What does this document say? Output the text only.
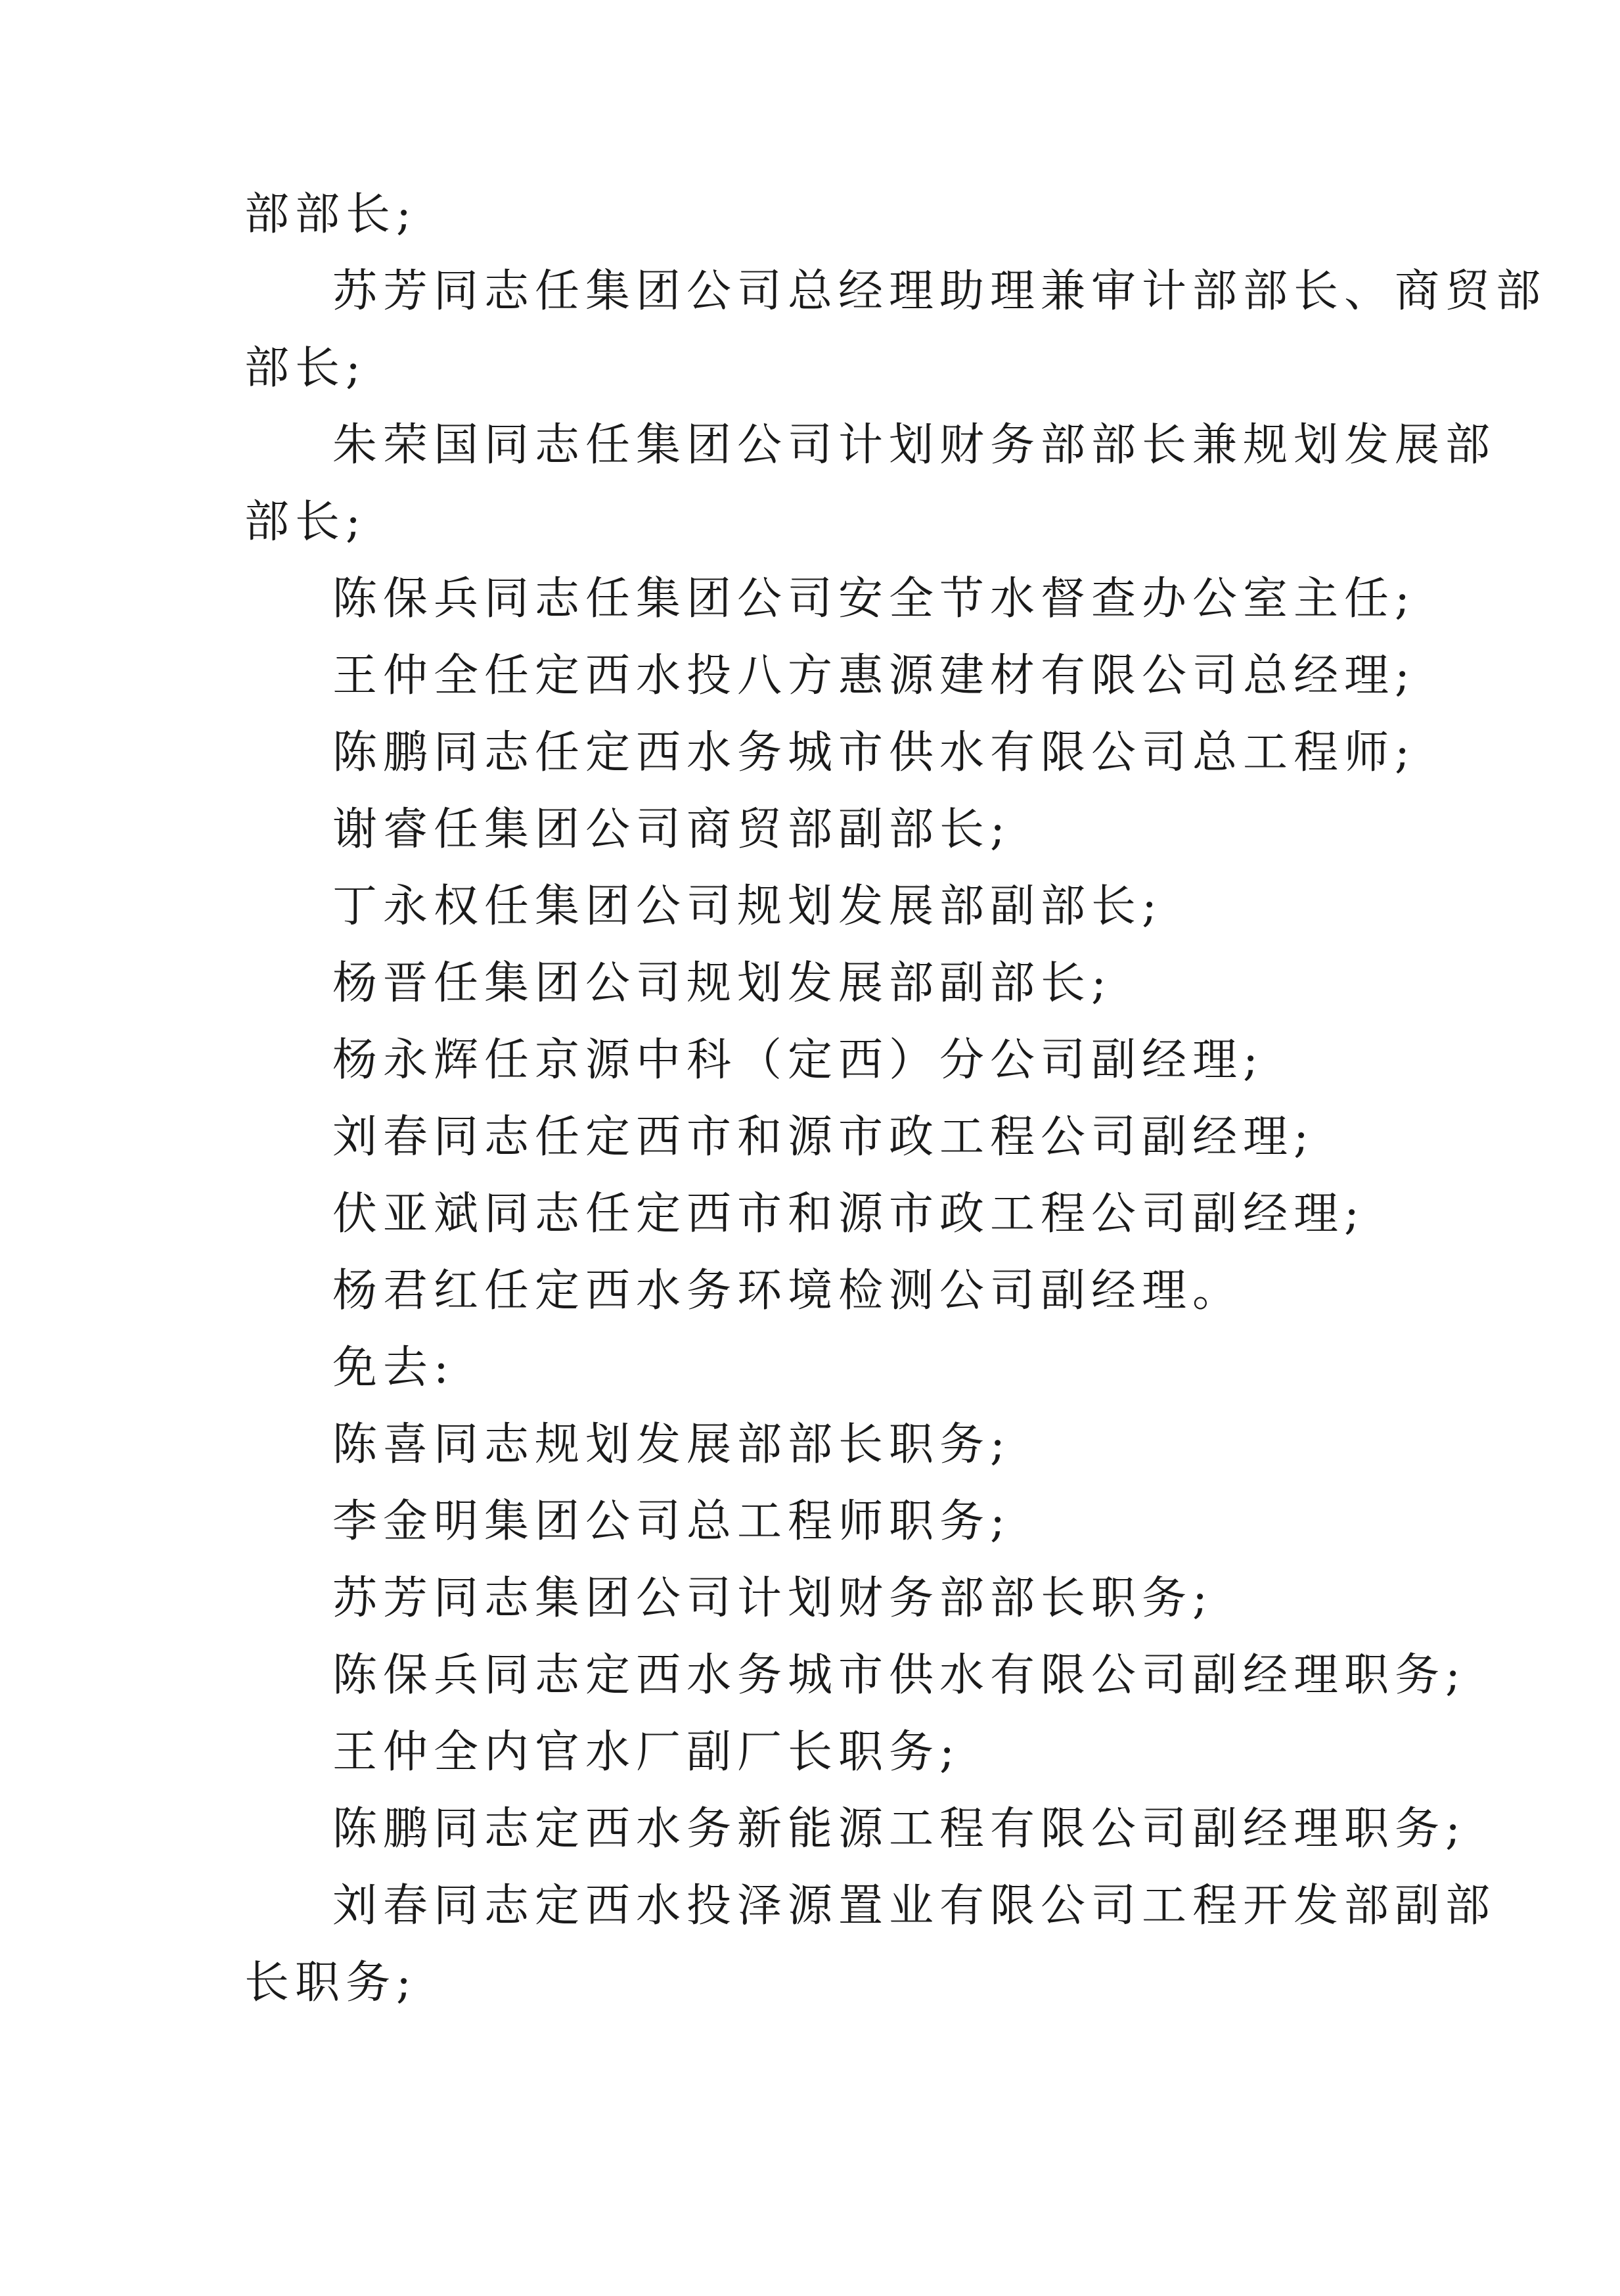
部部长;
苏芳同志任集团公司总经理助理兼审计部部长、商贸部
部长;
朱荣国同志任集团公司计划财务部部长兼规划发展部
部长;
陈保兵同志任集团公司安全节水督查办公室主任;
王仲全任定西水投八方惠源建材有限公司总经理;
陈鹏同志任定西水务城市供水有限公司总工程师;
谢睿任集团公司商贸部副部长;
丁永权任集团公司规划发展部副部长;
杨晋任集团公司规划发展部副部长;
杨永辉任京源中科（定西）分公司副经理;
刘春同志任定西市和源市政工程公司副经理;
伏亚斌同志任定西市和源市政工程公司副经理;
杨君红任定西水务环境检测公司副经理。
免去:
陈喜同志规划发展部部长职务;
李金明集团公司总工程师职务;
苏芳同志集团公司计划财务部部长职务;
陈保兵同志定西水务城市供水有限公司副经理职务;
王仲全内官水厂副厂长职务;
陈鹏同志定西水务新能源工程有限公司副经理职务;
刘春同志定西水投泽源置业有限公司工程开发部副部
长职务;
